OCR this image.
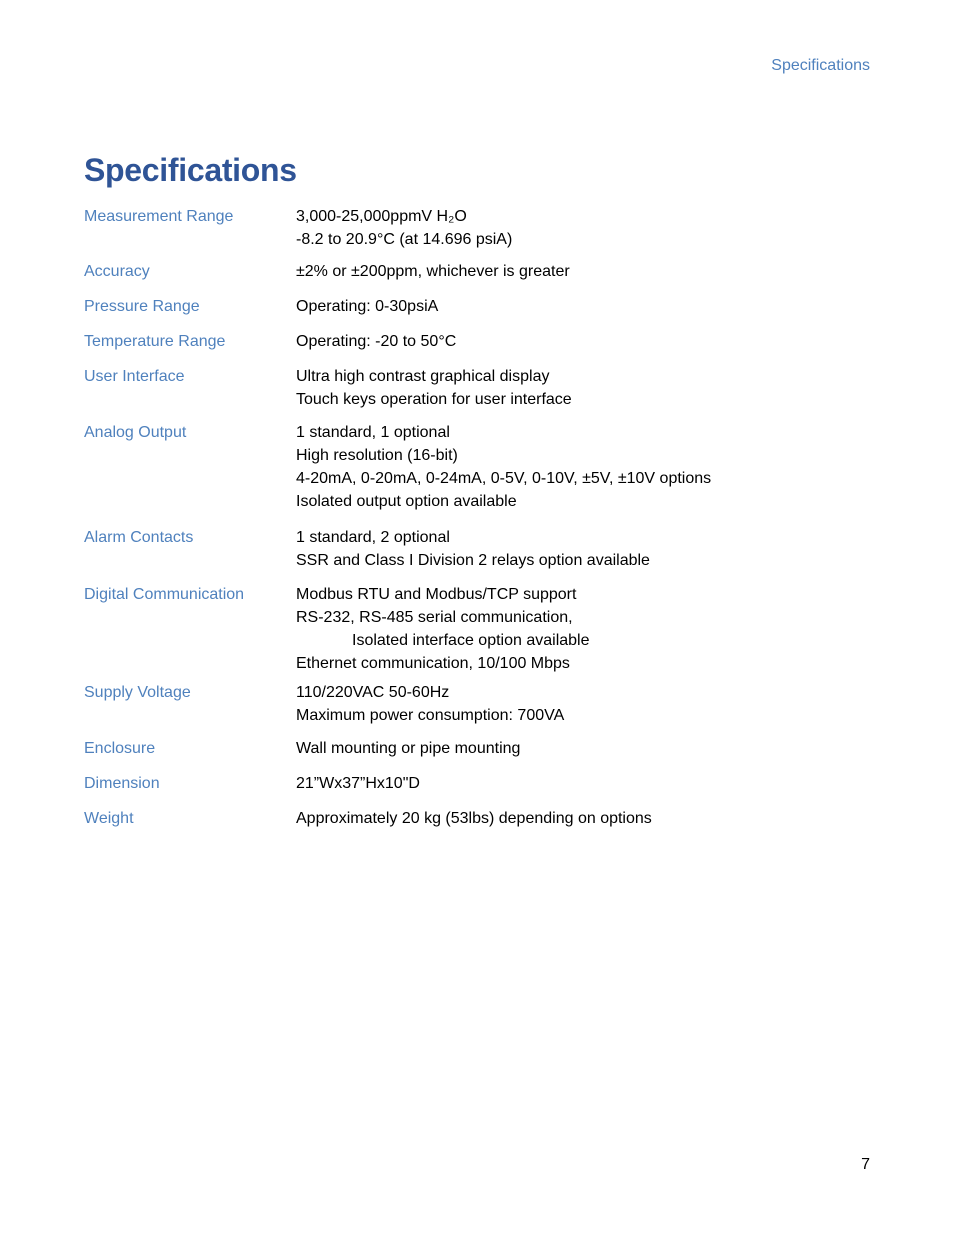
Specifications
Specifications
Measurement Range	3,000-25,000ppmV H₂O
-8.2 to 20.9°C (at 14.696 psiA)
Accuracy	±2% or ±200ppm, whichever is greater
Pressure Range	Operating: 0-30psiA
Temperature Range	Operating: -20 to 50°C
User Interface	Ultra high contrast graphical display
Touch keys operation for user interface
Analog Output	1 standard, 1 optional
High resolution (16-bit)
4-20mA, 0-20mA, 0-24mA, 0-5V, 0-10V, ±5V, ±10V options
Isolated output option available
Alarm Contacts	1 standard, 2 optional
SSR and Class I Division 2 relays option available
Digital Communication	Modbus RTU and Modbus/TCP support
RS-232, RS-485 serial communication,
Isolated interface option available
Ethernet communication, 10/100 Mbps
Supply Voltage	110/220VAC 50-60Hz
Maximum power consumption: 700VA
Enclosure	Wall mounting or pipe mounting
Dimension	21”Wx37”Hx10"D
Weight	Approximately 20 kg (53lbs) depending on options
7
